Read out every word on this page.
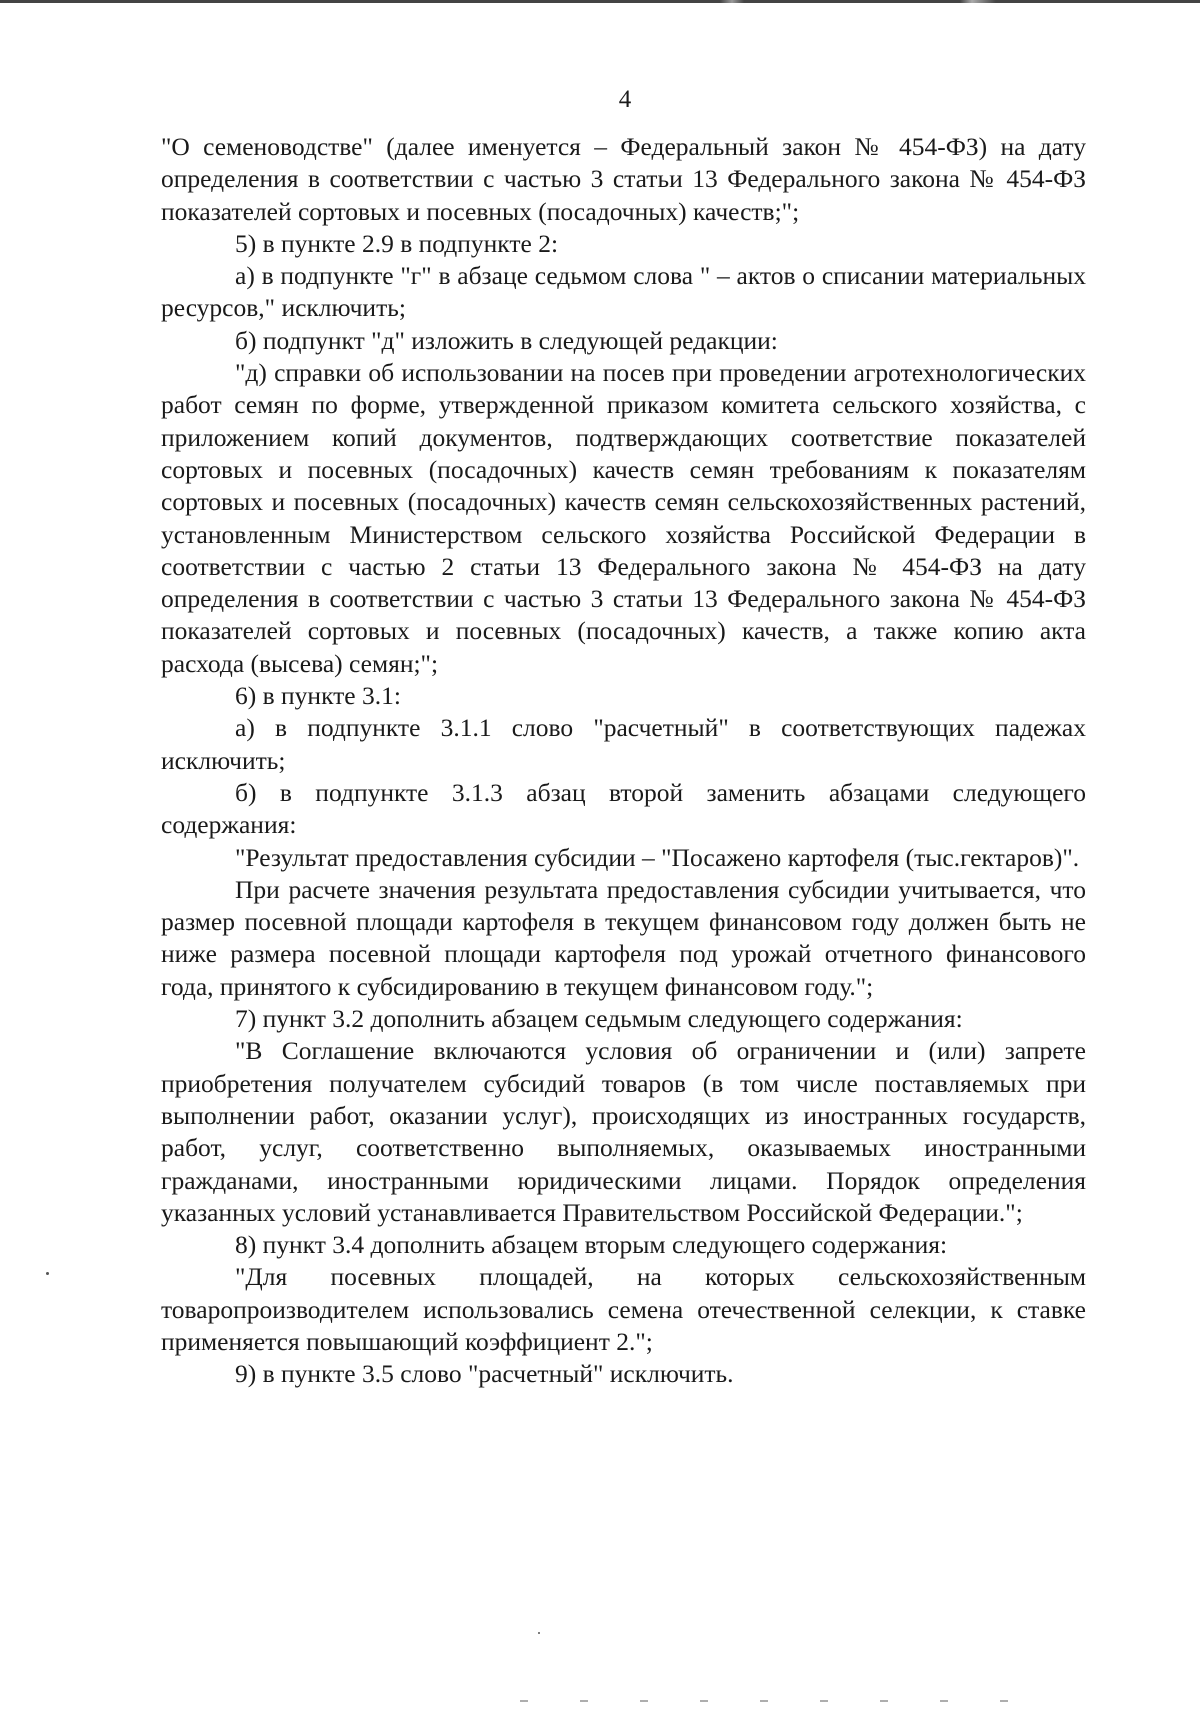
4

"О семеноводстве" (далее именуется – Федеральный закон № 454-ФЗ) на дату определения в соответствии с частью 3 статьи 13 Федерального закона № 454-ФЗ показателей сортовых и посевных (посадочных) качеств;";

5) в пункте 2.9 в подпункте 2:

а) в подпункте "г" в абзаце седьмом слова " – актов о списании материальных ресурсов," исключить;

б) подпункт "д" изложить в следующей редакции:

"д) справки об использовании на посев при проведении агротехнологических работ семян по форме, утвержденной приказом комитета сельского хозяйства, с приложением копий документов, подтверждающих соответствие показателей сортовых и посевных (посадочных) качеств семян требованиям к показателям сортовых и посевных (посадочных) качеств семян сельскохозяйственных растений, установленным Министерством сельского хозяйства Российской Федерации в соответствии с частью 2 статьи 13 Федерального закона № 454-ФЗ на дату определения в соответствии с частью 3 статьи 13 Федерального закона № 454-ФЗ показателей сортовых и посевных (посадочных) качеств, а также копию акта расхода (высева) семян;";

6) в пункте 3.1:

а) в подпункте 3.1.1 слово "расчетный" в соответствующих падежах исключить;

б) в подпункте 3.1.3 абзац второй заменить абзацами следующего содержания:

"Результат предоставления субсидии – "Посажено картофеля (тыс.гектаров)".

При расчете значения результата предоставления субсидии учитывается, что размер посевной площади картофеля в текущем финансовом году должен быть не ниже размера посевной площади картофеля под урожай отчетного финансового года, принятого к субсидированию в текущем финансовом году.";

7) пункт 3.2 дополнить абзацем седьмым следующего содержания:

"В Соглашение включаются условия об ограничении и (или) запрете приобретения получателем субсидий товаров (в том числе поставляемых при выполнении работ, оказании услуг), происходящих из иностранных государств, работ, услуг, соответственно выполняемых, оказываемых иностранными гражданами, иностранными юридическими лицами. Порядок определения указанных условий устанавливается Правительством Российской Федерации.";

8) пункт 3.4 дополнить абзацем вторым следующего содержания:

"Для посевных площадей, на которых сельскохозяйственным товаропроизводителем использовались семена отечественной селекции, к ставке применяется повышающий коэффициент 2.";

9) в пункте 3.5 слово "расчетный" исключить.
